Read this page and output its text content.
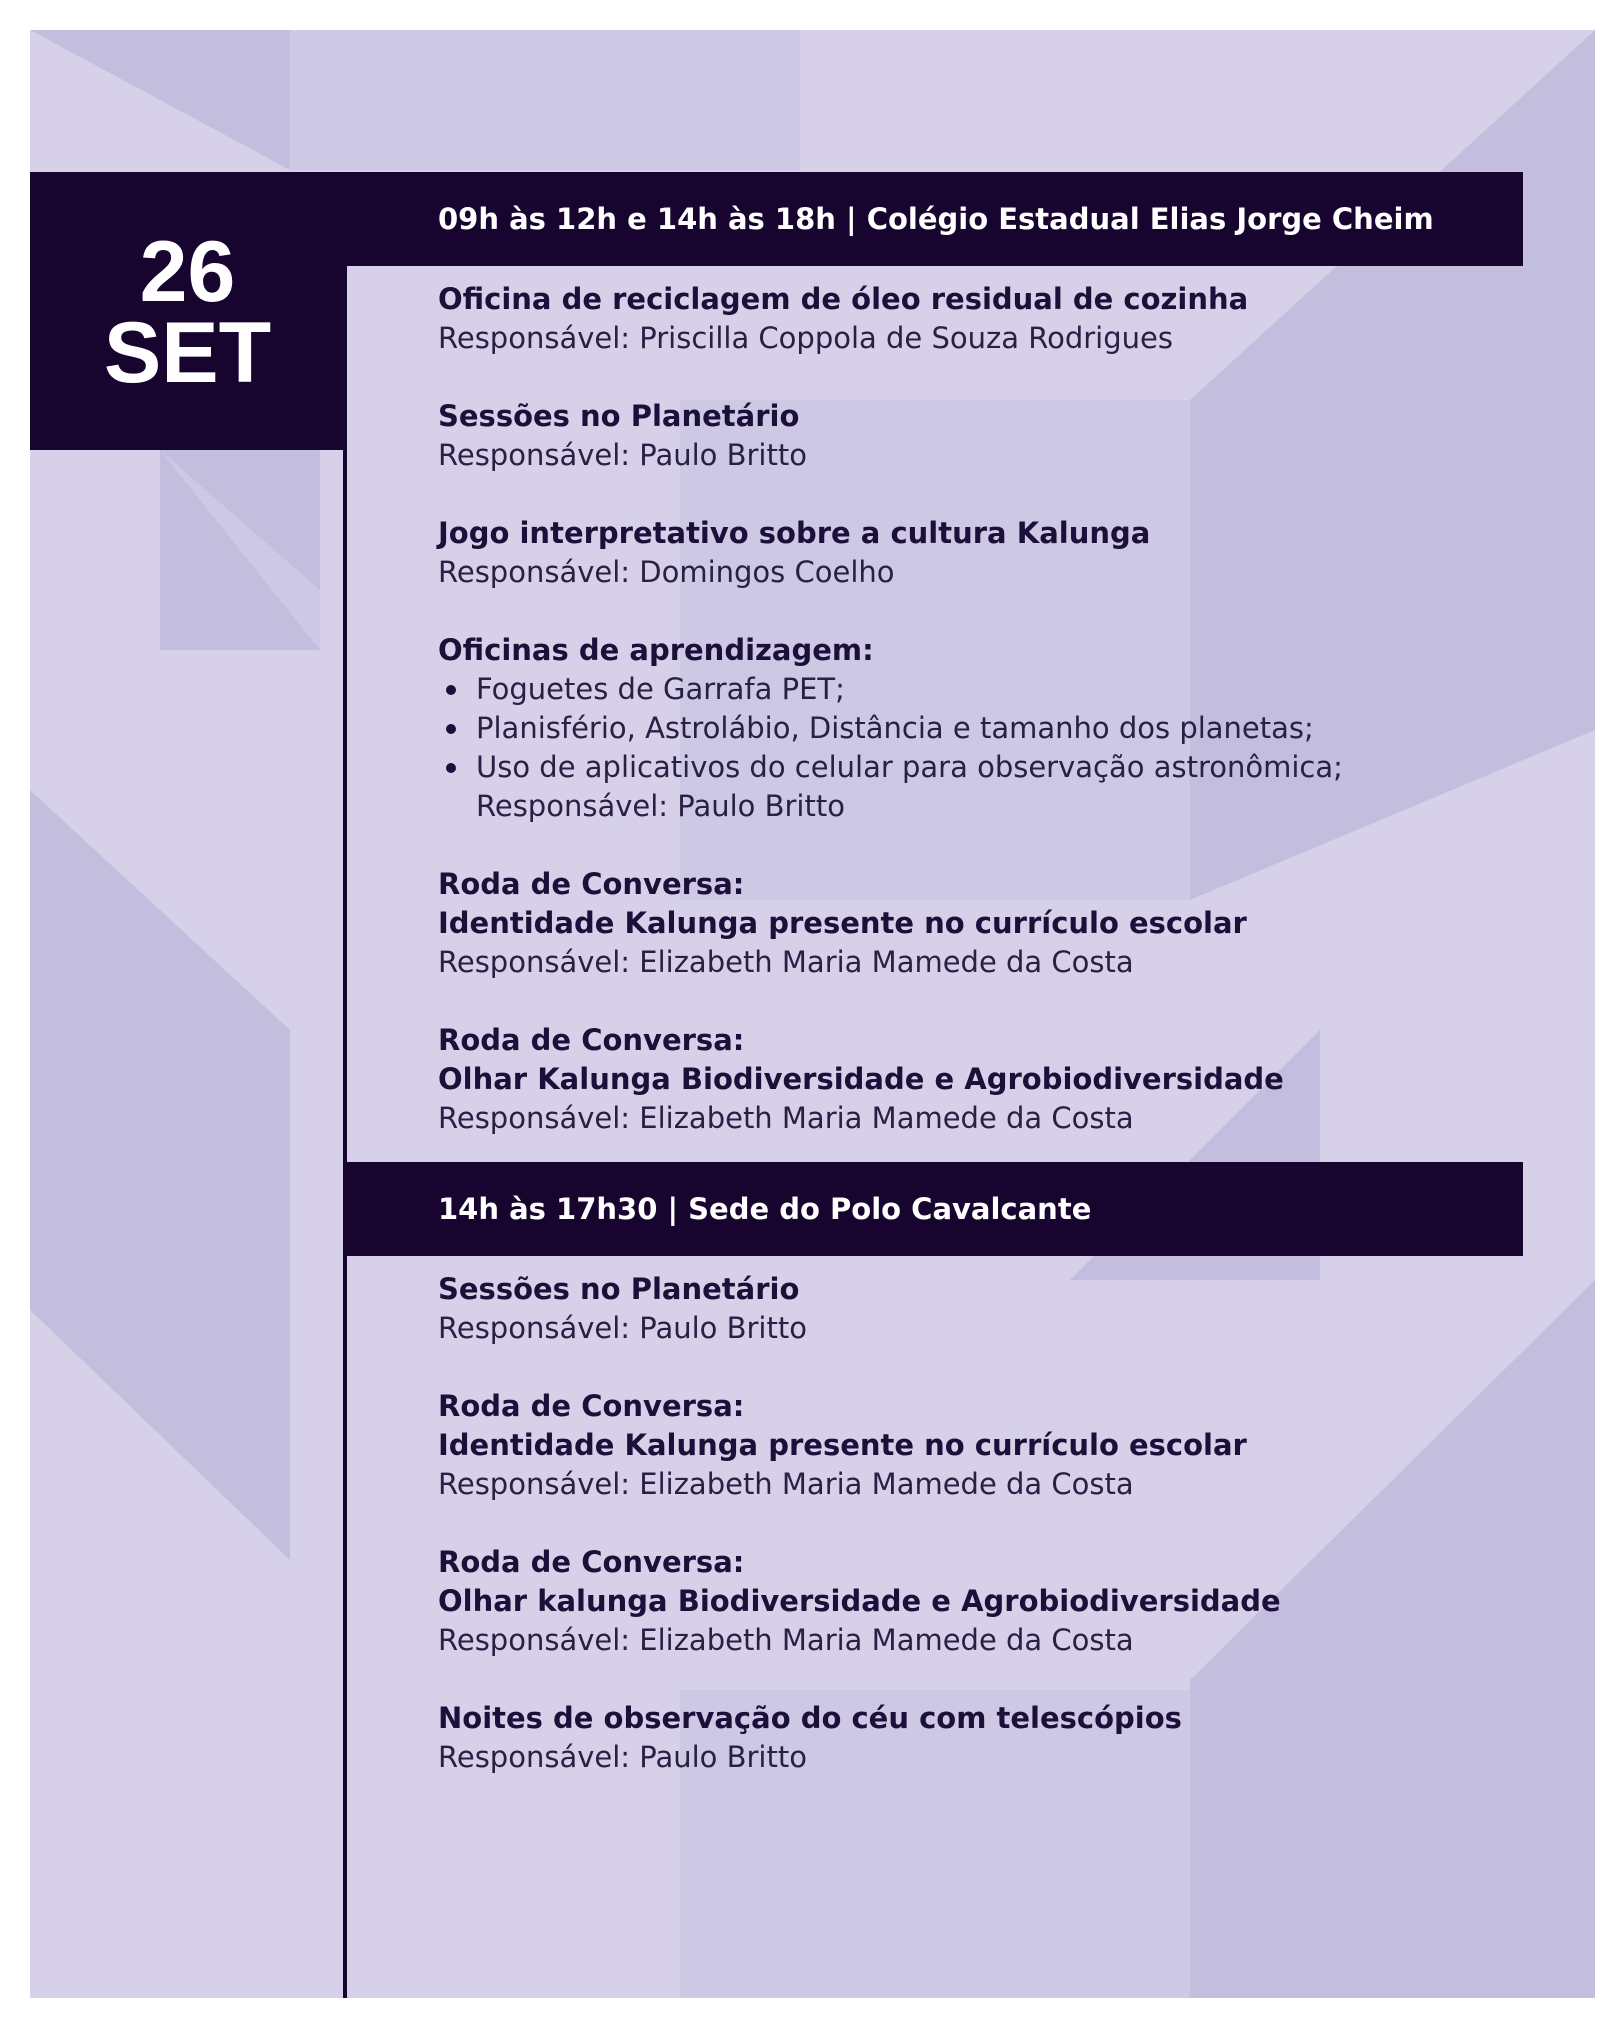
26
SET
09h às 12h e 14h às 18h | Colégio Estadual Elias Jorge Cheim
Oficina de reciclagem de óleo residual de cozinha
Responsável: Priscilla Coppola de Souza Rodrigues
Sessões no Planetário
Responsável: Paulo Britto
Jogo interpretativo sobre a cultura Kalunga
Responsável: Domingos Coelho
Oficinas de aprendizagem:
Foguetes de Garrafa PET;
Planisfério, Astrolábio, Distância e tamanho dos planetas;
Uso de aplicativos do celular para observação astronômica;
Responsável: Paulo Britto
Roda de Conversa:
Identidade Kalunga presente no currículo escolar
Responsável: Elizabeth Maria Mamede da Costa
Roda de Conversa:
Olhar Kalunga Biodiversidade e Agrobiodiversidade
Responsável: Elizabeth Maria Mamede da Costa
14h às 17h30 | Sede do Polo Cavalcante
Sessões no Planetário
Responsável: Paulo Britto
Roda de Conversa:
Identidade Kalunga presente no currículo escolar
Responsável: Elizabeth Maria Mamede da Costa
Roda de Conversa:
Olhar kalunga Biodiversidade e Agrobiodiversidade
Responsável: Elizabeth Maria Mamede da Costa
Noites de observação do céu com telescópios
Responsável: Paulo Britto
